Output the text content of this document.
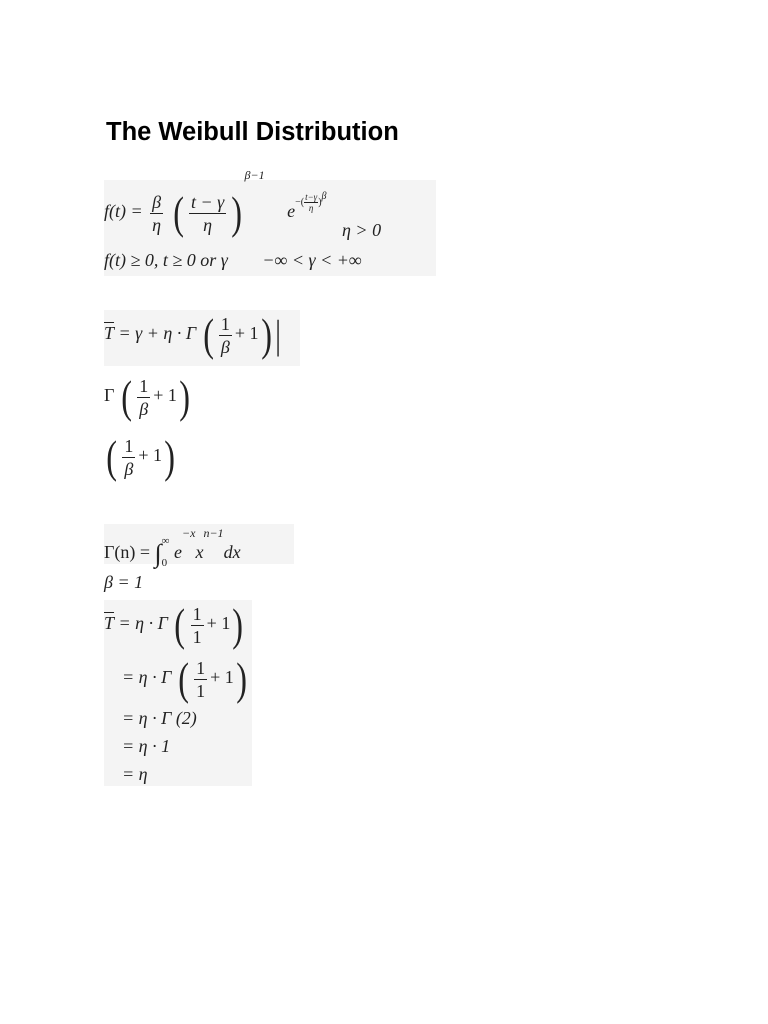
The Weibull Distribution
$f(t) = \frac{\beta}{\eta}$ ( $\frac{t - \gamma}{\eta} )^{\beta-1}$ $e^{-( \frac{t-\gamma}{\eta} )\beta}$
η > 0
f(t) ≥ 0, t ≥ 0 or γ −∞ < γ < +∞
$\overline{T} = \gamma + \eta \cdot \Gamma$ ( $\frac{1}{\beta} + 1)|$
Γ ( $\frac{1}{\beta} + 1$)
( $\frac{1}{\beta} + 1$)
Γ(n) = ∫ ∞
0
$e^{-x}x^{n-1}dx$
β = 1
$\overline{T} = \eta \cdot \Gamma$ ( $\frac{1}{1} + 1$)
= η · Γ ( $\frac{1}{1} + 1$)
= η · Γ (2)
= η · 1
= η
